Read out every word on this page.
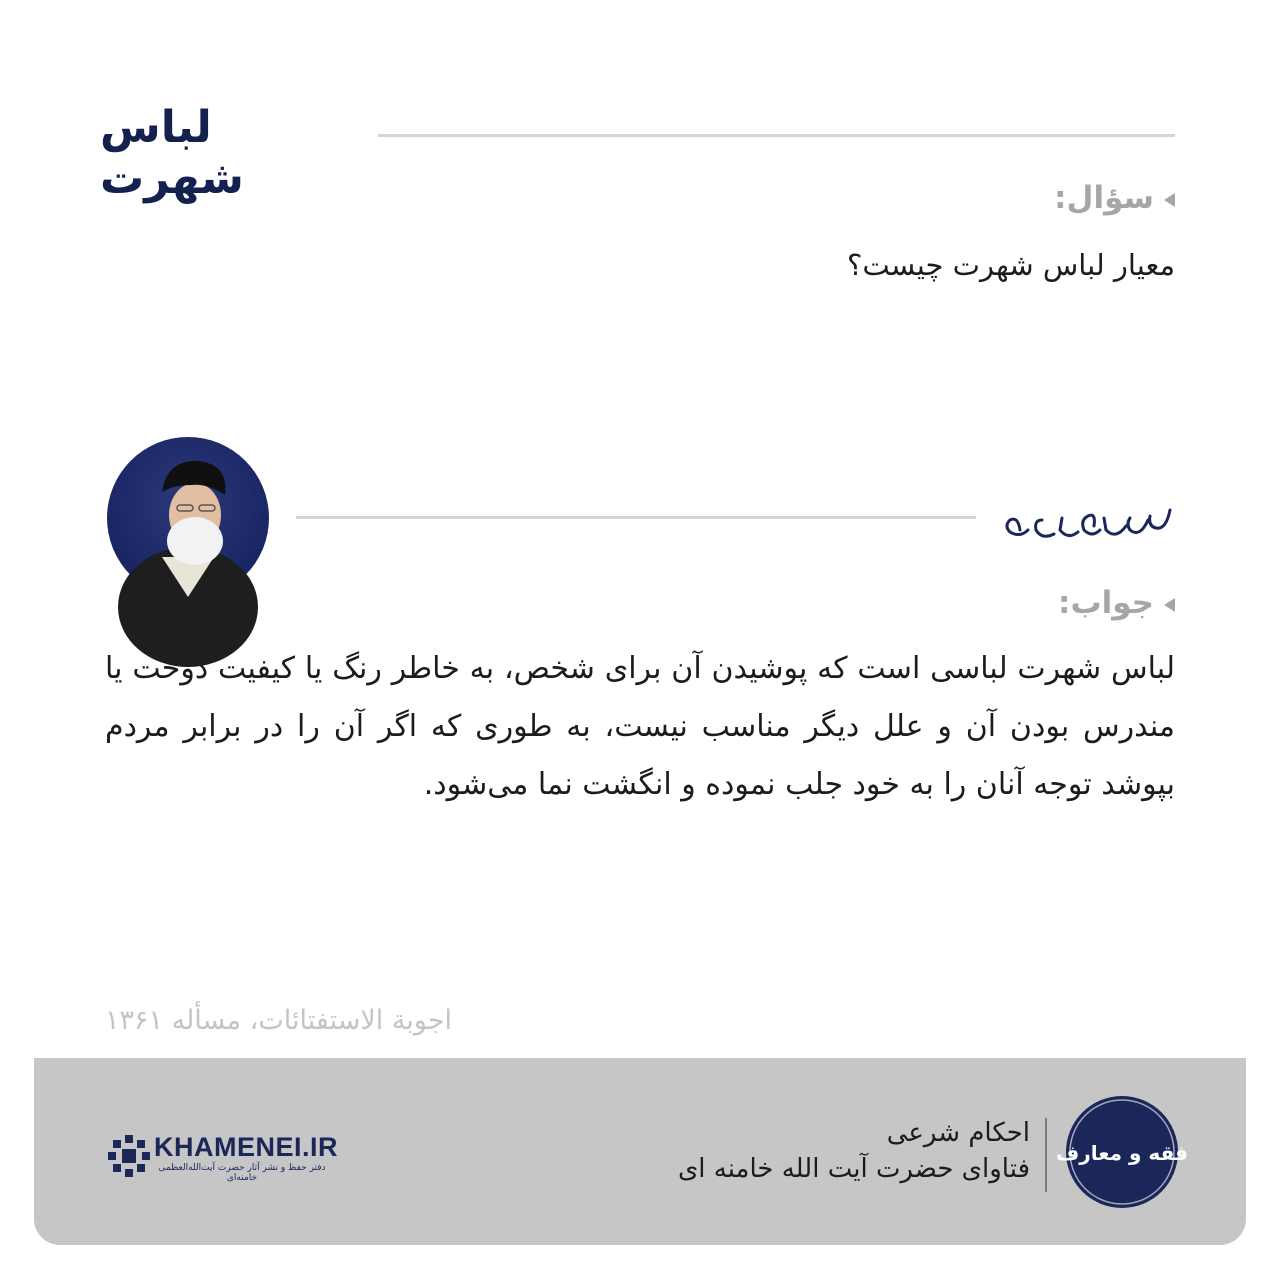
لباس شهرت	سؤال:
معیار لباس شهرت چیست؟
جواب:
لباس شهرت لباسی است که پوشیدن آن برای شخص، به خاطر رنگ یا کیفیت دوخت یا مندرس بودن آن و علل دیگر مناسب نیست، به طوری که اگر آن را در برابر مردم بپوشد توجه آنان را به خود جلب نموده و انگشت نما می‌شود.
اجوبة الاستفتائات، مسأله ۱۳۶۱
فقه و معارف
احکام شرعی
فتاوای حضرت آیت الله خامنه ای
KHAMENEI.IR
دفتر حفظ و نشر آثار حضرت آیت‌الله‌العظمی خامنه‌ای
